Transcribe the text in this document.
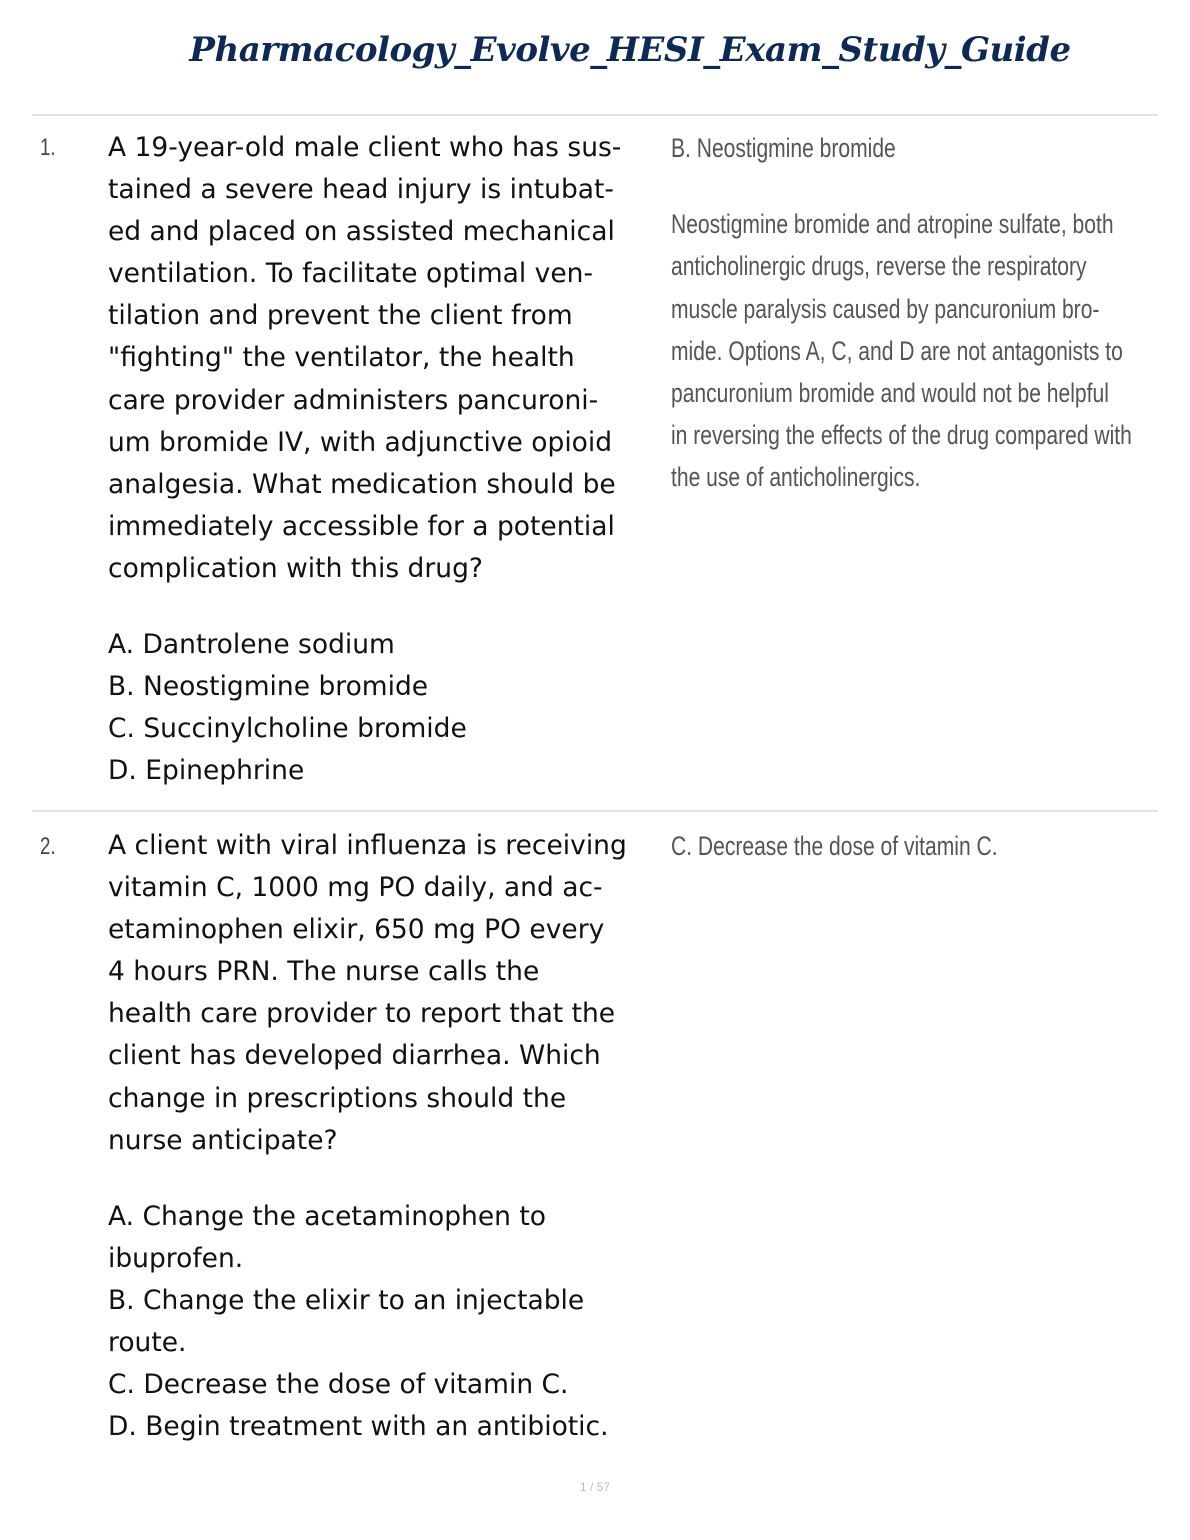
Pharmacology_Evolve_HESI_Exam_Study_Guide
1. A 19-year-old male client who has sus-
tained a severe head injury is intubat-
ed and placed on assisted mechanical
ventilation. To facilitate optimal ven-
tilation and prevent the client from
"fighting" the ventilator, the health
care provider administers pancuroni-
um bromide IV, with adjunctive opioid
analgesia. What medication should be
immediately accessible for a potential
complication with this drug?
A. Dantrolene sodium
B. Neostigmine bromide
C. Succinylcholine bromide
D. Epinephrine
B. Neostigmine bromide
Neostigmine bromide and atropine sulfate, both
anticholinergic drugs, reverse the respiratory
muscle paralysis caused by pancuronium bro-
mide. Options A, C, and D are not antagonists to
pancuronium bromide and would not be helpful
in reversing the effects of the drug compared with
the use of anticholinergics.
2. A client with viral influenza is receiving
vitamin C, 1000 mg PO daily, and ac-
etaminophen elixir, 650 mg PO every
4 hours PRN. The nurse calls the
health care provider to report that the
client has developed diarrhea. Which
change in prescriptions should the
nurse anticipate?
A. Change the acetaminophen to
ibuprofen.
B. Change the elixir to an injectable
route.
C. Decrease the dose of vitamin C.
D. Begin treatment with an antibiotic.
C. Decrease the dose of vitamin C.
1 / 57
